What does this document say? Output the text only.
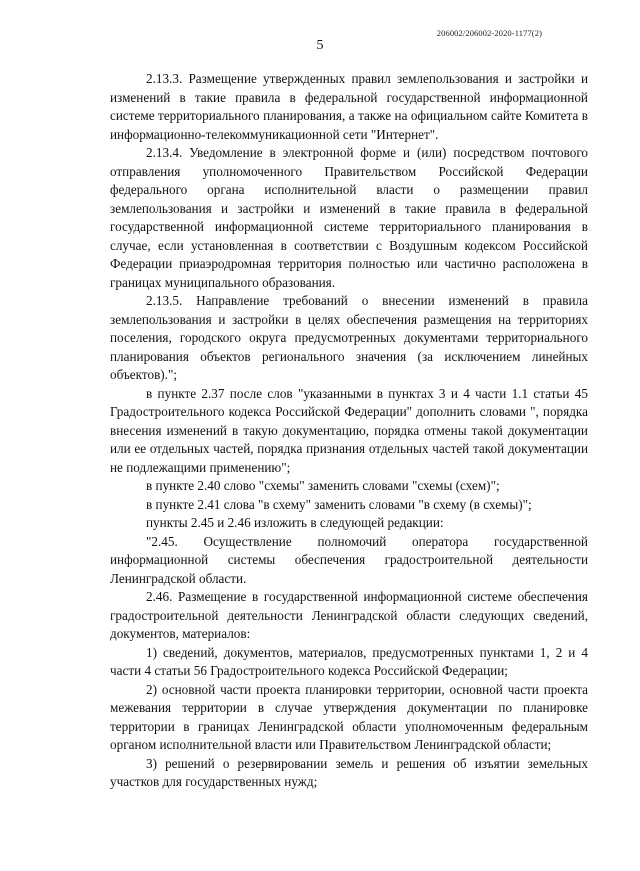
206002/206002-2020-1177(2)
5

2.13.3. Размещение утвержденных правил землепользования и застройки и изменений в такие правила в федеральной государственной информационной системе территориального планирования, а также на официальном сайте Комитета в информационно-телекоммуникационной сети "Интернет".

2.13.4. Уведомление в электронной форме и (или) посредством почтового отправления уполномоченного Правительством Российской Федерации федерального органа исполнительной власти о размещении правил землепользования и застройки и изменений в такие правила в федеральной государственной информационной системе территориального планирования в случае, если установленная в соответствии с Воздушным кодексом Российской Федерации приаэродромная территория полностью или частично расположена в границах муниципального образования.

2.13.5. Направление требований о внесении изменений в правила землепользования и застройки в целях обеспечения размещения на территориях поселения, городского округа предусмотренных документами территориального планирования объектов регионального значения (за исключением линейных объектов).";

в пункте 2.37 после слов "указанными в пунктах 3 и 4 части 1.1 статьи 45 Градостроительного кодекса Российской Федерации" дополнить словами ", порядка внесения изменений в такую документацию, порядка отмены такой документации или ее отдельных частей, порядка признания отдельных частей такой документации не подлежащими применению";

в пункте 2.40 слово "схемы" заменить словами "схемы (схем)";

в пункте 2.41 слова "в схему" заменить словами "в схему (в схемы)";

пункты 2.45 и 2.46 изложить в следующей редакции:

"2.45. Осуществление полномочий оператора государственной информационной системы обеспечения градостроительной деятельности Ленинградской области.

2.46. Размещение в государственной информационной системе обеспечения градостроительной деятельности Ленинградской области следующих сведений, документов, материалов:

1) сведений, документов, материалов, предусмотренных пунктами 1, 2 и 4 части 4 статьи 56 Градостроительного кодекса Российской Федерации;

2) основной части проекта планировки территории, основной части проекта межевания территории в случае утверждения документации по планировке территории в границах Ленинградской области уполномоченным федеральным органом исполнительной власти или Правительством Ленинградской области;

3) решений о резервировании земель и решения об изъятии земельных участков для государственных нужд;
